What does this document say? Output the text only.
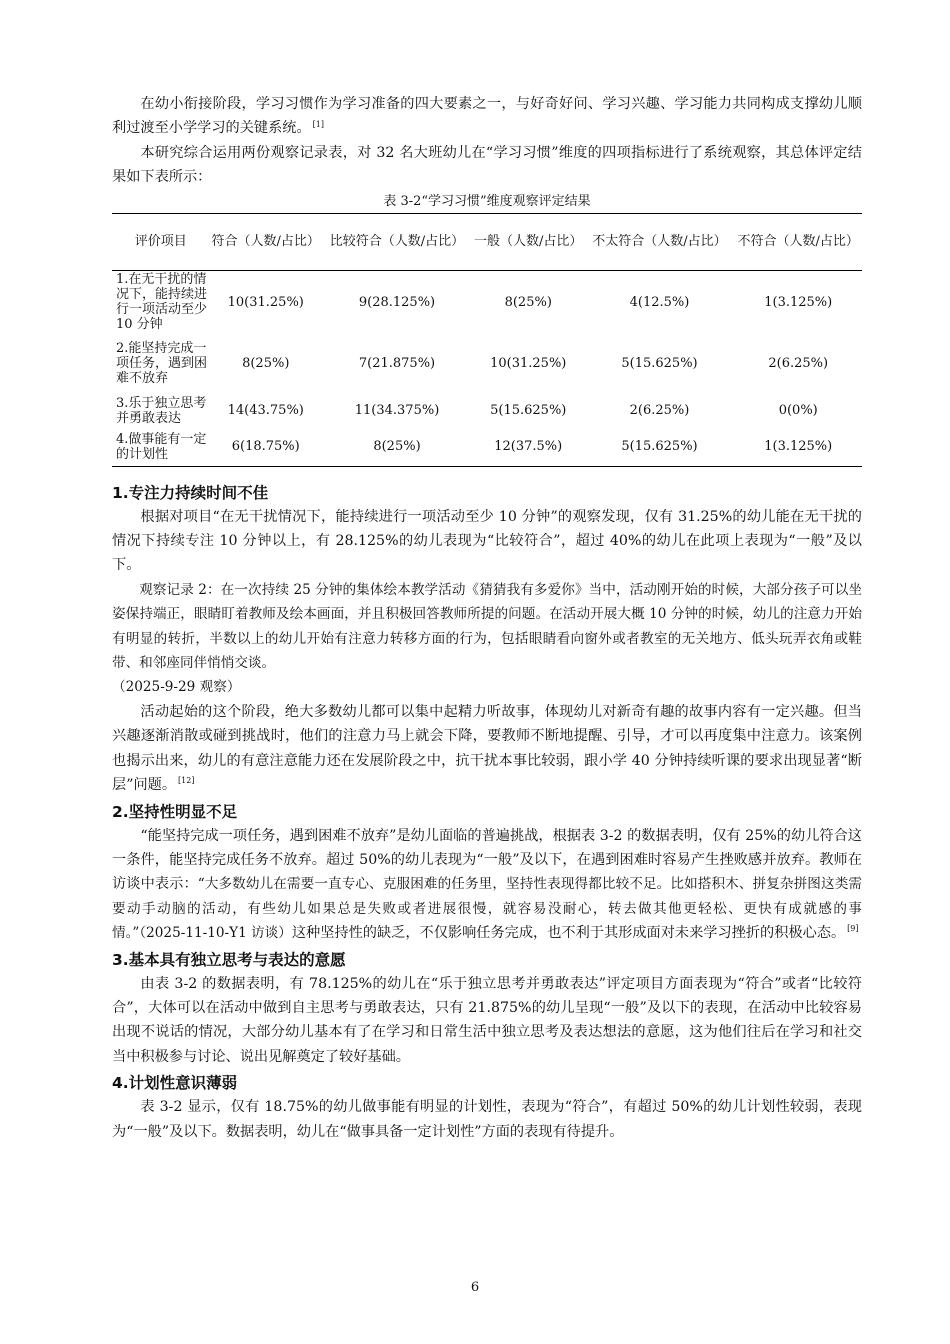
在幼小衔接阶段，学习习惯作为学习准备的四大要素之一，与好奇好问、学习兴趣、学习能力共同构成支撑幼儿顺利过渡至小学学习的关键系统。 [1]

本研究综合运用两份观察记录表，对 32 名大班幼儿在“学习习惯”维度的四项指标进行了系统观察，其总体评定结果如下表所示：

表 3-2“学习习惯”维度观察评定结果
评价项目	符合（人数/占比）	比较符合（人数/占比）	一般（人数/占比）	不太符合（人数/占比）	不符合（人数/占比）
1.在无干扰的情况下，能持续进行一项活动至少 10 分钟	10(31.25%)	9(28.125%)	8(25%)	4(12.5%)	1(3.125%)
2.能坚持完成一项任务，遇到困难不放弃	8(25%)	7(21.875%)	10(31.25%)	5(15.625%)	2(6.25%)
3.乐于独立思考并勇敢表达	14(43.75%)	11(34.375%)	5(15.625%)	2(6.25%)	0(0%)
4.做事能有一定的计划性	6(18.75%)	8(25%)	12(37.5%)	5(15.625%)	1(3.125%)
1.专注力持续时间不佳

根据对项目“在无干扰情况下，能持续进行一项活动至少 10 分钟”的观察发现，仅有 31.25%的幼儿能在无干扰的情况下持续专注 10 分钟以上，有 28.125%的幼儿表现为“比较符合”，超过 40%的幼儿在此项上表现为“一般”及以下。

观察记录 2：在一次持续 25 分钟的集体绘本教学活动《猜猜我有多爱你》当中，活动刚开始的时候，大部分孩子可以坐姿保持端正，眼睛盯着教师及绘本画面，并且积极回答教师所提的问题。在活动开展大概 10 分钟的时候，幼儿的注意力开始有明显的转折，半数以上的幼儿开始有注意力转移方面的行为，包括眼睛看向窗外或者教室的无关地方、低头玩弄衣角或鞋带、和邻座同伴悄悄交谈。

（2025-9-29 观察）

活动起始的这个阶段，绝大多数幼儿都可以集中起精力听故事，体现幼儿对新奇有趣的故事内容有一定兴趣。但当兴趣逐渐消散或碰到挑战时，他们的注意力马上就会下降，要教师不断地提醒、引导，才可以再度集中注意力。该案例也揭示出来，幼儿的有意注意能力还在发展阶段之中，抗干扰本事比较弱，跟小学 40 分钟持续听课的要求出现显著“断层”问题。 [12]

2.坚持性明显不足

“能坚持完成一项任务，遇到困难不放弃”是幼儿面临的普遍挑战，根据表 3-2 的数据表明，仅有 25%的幼儿符合这一条件，能坚持完成任务不放弃。超过 50%的幼儿表现为“一般”及以下，在遇到困难时容易产生挫败感并放弃。教师在访谈中表示：“大多数幼儿在需要一直专心、克服困难的任务里，坚持性表现得都比较不足。比如搭积木、拼复杂拼图这类需要动手动脑的活动，有些幼儿如果总是失败或者进展很慢，就容易没耐心，转去做其他更轻松、更快有成就感的事情。”（2025-11-10-Y1 访谈）这种坚持性的缺乏，不仅影响任务完成，也不利于其形成面对未来学习挫折的积极心态。 [9]

3.基本具有独立思考与表达的意愿

由表 3-2 的数据表明，有 78.125%的幼儿在“乐于独立思考并勇敢表达”评定项目方面表现为“符合”或者“比较符合”，大体可以在活动中做到自主思考与勇敢表达，只有 21.875%的幼儿呈现“一般”及以下的表现，在活动中比较容易出现不说话的情况，大部分幼儿基本有了在学习和日常生活中独立思考及表达想法的意愿，这为他们往后在学习和社交当中积极参与讨论、说出见解奠定了较好基础。

4.计划性意识薄弱

表 3-2 显示，仅有 18.75%的幼儿做事能有明显的计划性，表现为“符合”，有超过 50%的幼儿计划性较弱，表现为“一般”及以下。数据表明，幼儿在“做事具备一定计划性”方面的表现有待提升。

6
